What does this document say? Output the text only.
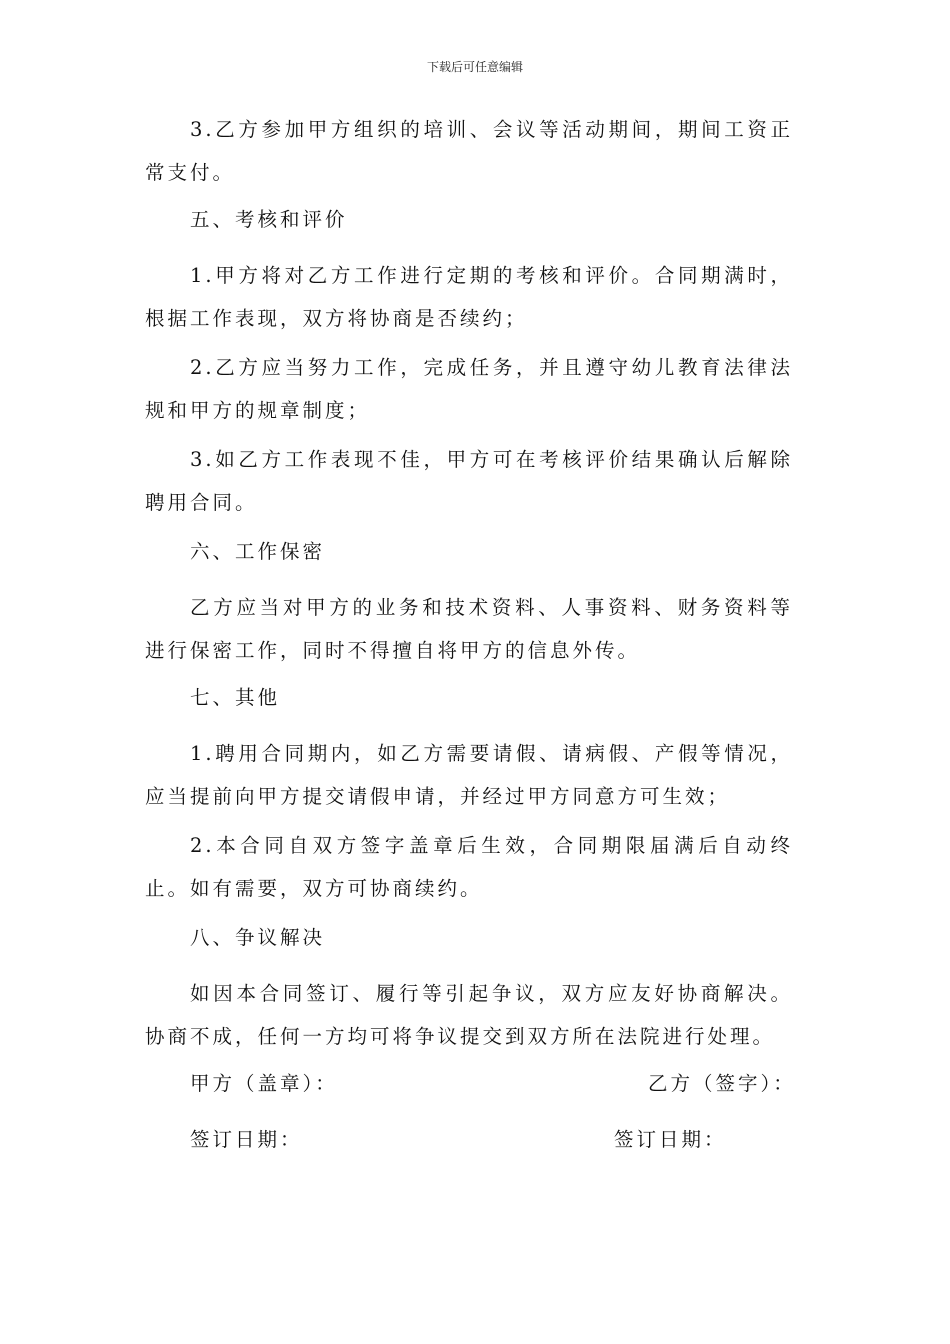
下载后可任意编辑

3.乙方参加甲方组织的培训、会议等活动期间，期间工资正常支付。

五、考核和评价

1.甲方将对乙方工作进行定期的考核和评价。合同期满时，根据工作表现，双方将协商是否续约；

2.乙方应当努力工作，完成任务，并且遵守幼儿教育法律法规和甲方的规章制度；

3.如乙方工作表现不佳，甲方可在考核评价结果确认后解除聘用合同。

六、工作保密

乙方应当对甲方的业务和技术资料、人事资料、财务资料等进行保密工作，同时不得擅自将甲方的信息外传。

七、其他

1.聘用合同期内，如乙方需要请假、请病假、产假等情况，应当提前向甲方提交请假申请，并经过甲方同意方可生效；

2.本合同自双方签字盖章后生效，合同期限届满后自动终止。如有需要，双方可协商续约。

八、争议解决

如因本合同签订、履行等引起争议，双方应友好协商解决。协商不成，任何一方均可将争议提交到双方所在法院进行处理。

甲方（盖章）：	乙方（签字）：

签订日期：	签订日期：
